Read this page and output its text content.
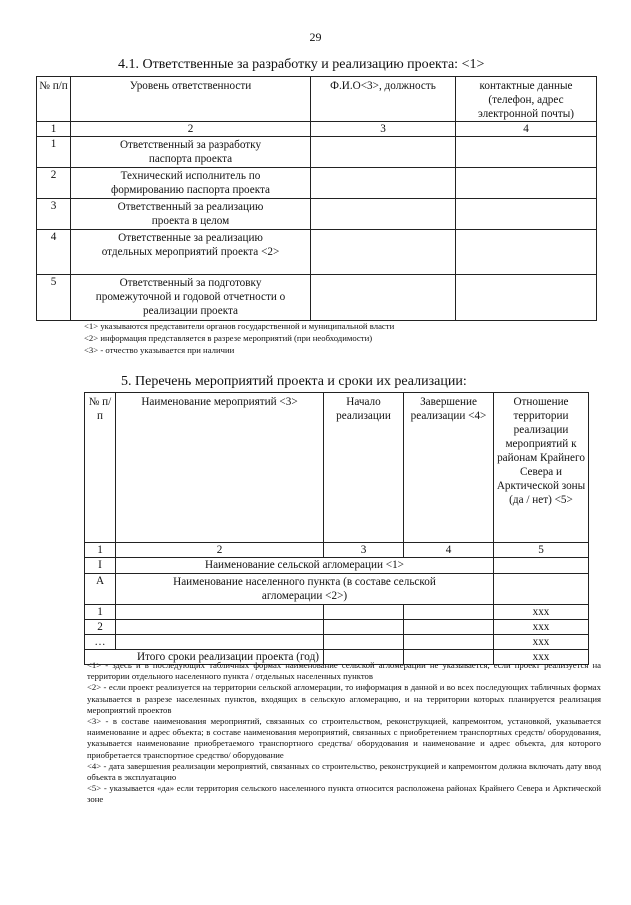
29
4.1. Ответственные за разработку и реализацию проекта: <1>
№ п/п	Уровень ответственности	Ф.И.О<3>, должность	контактные данные (телефон, адрес электронной почты)
1	2	3	4
1	Ответственный за разработку паспорта проекта		
2	Технический исполнитель по формированию паспорта проекта		
3	Ответственный за реализацию проекта в целом		
4	Ответственные за реализацию отдельных мероприятий проекта <2>		
5	Ответственный за подготовку промежуточной и годовой отчетности о реализации проекта		
<1> указываются представители органов государственной и муниципальной власти
<2> информация представляется в разрезе мероприятий (при необходимости)
<3> - отчество указывается при наличии
5. Перечень мероприятий проекта и сроки их реализации:
№ п/п	Наименование мероприятий <3>	Начало реализации	Завершение реализации <4>	Отношение территории реализации мероприятий к районам Крайнего Севера и Арктической зоны (да / нет) <5>
1	2	3	4	5
I	Наименование сельской агломерации <1>			
А	Наименование населенного пункта (в составе сельской агломерации <2>)			
1				ххх
2				ххх
…				ххх
Итого сроки реализации проекта (год)				ххх

<1> - здесь и в последующих табличных формах наименование сельской агломерации не указывается, если проект реализуется на территории отдельного населенного пункта / отдельных населенных пунктов

<2> - если проект реализуется на территории сельской агломерации, то информация в данной и во всех последующих табличных формах указывается в разрезе населенных пунктов, входящих в сельскую агломерацию, и на территории которых планируется реализация мероприятий проектов

<3> - в составе наименования мероприятий, связанных со строительством, реконструкцией, капремонтом, установкой, указывается наименование и адрес объекта; в составе наименования мероприятий, связанных с приобретением транспортных средств/ оборудования, указывается наименование приобретаемого транспортного средства/ оборудования и наименование и адрес объекта, для которого приобретается транспортное средство/ оборудование

<4> - дата завершения реализации мероприятий, связанных со строительство, реконструкцией и капремонтом должна включать дату ввод объекта в эксплуатацию

<5> - указывается «да» если территория сельского населенного пункта относится расположена районах Крайнего Севера и Арктической зоне
